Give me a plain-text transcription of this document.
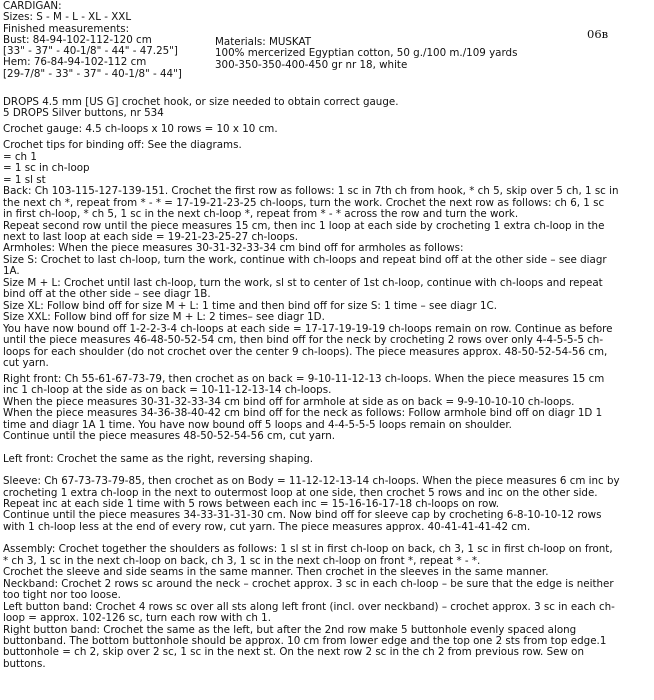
CARDIGAN:
Sizes: S - M - L - XL - XXL
Finished measurements:
Bust: 84-94-102-112-120 cm
[33" - 37" - 40-1/8" - 44" - 47.25"]
Hem: 76-84-94-102-112 cm
[29-7/8" - 33" - 37" - 40-1/8" - 44"]
Materials: MUSKAT
100% mercerized Egyptian cotton, 50 g./100 m./109 yards
300-350-350-400-450 gr nr 18, white
06в
DROPS 4.5 mm [US G] crochet hook, or size needed to obtain correct gauge.
5 DROPS Silver buttons, nr 534
Crochet gauge: 4.5 ch-loops x 10 rows = 10 x 10 cm.
Crochet tips for binding off: See the diagrams.
= ch 1
= 1 sc in ch-loop
= 1 sl st
Back: Ch 103-115-127-139-151. Crochet the first row as follows: 1 sc in 7th ch from hook, * ch 5, skip over 5 ch, 1 sc in
the next ch *, repeat from * - * = 17-19-21-23-25 ch-loops, turn the work. Crochet the next row as follows: ch 6, 1 sc
in first ch-loop, * ch 5, 1 sc in the next ch-loop *, repeat from * - * across the row and turn the work.
Repeat second row until the piece measures 15 cm, then inc 1 loop at each side by crocheting 1 extra ch-loop in the
next to last loop at each side = 19-21-23-25-27 ch-loops.
Armholes: When the piece measures 30-31-32-33-34 cm bind off for armholes as follows:
Size S: Crochet to last ch-loop, turn the work, continue with ch-loops and repeat bind off at the other side – see diagr
1A.
Size M + L: Crochet until last ch-loop, turn the work, sl st to center of 1st ch-loop, continue with ch-loops and repeat
bind off at the other side – see diagr 1B.
Size XL: Follow bind off for size M + L: 1 time and then bind off for size S: 1 time – see diagr 1C.
Size XXL: Follow bind off for size M + L: 2 times– see diagr 1D.
You have now bound off 1-2-2-3-4 ch-loops at each side = 17-17-19-19-19 ch-loops remain on row. Continue as before
until the piece measures 46-48-50-52-54 cm, then bind off for the neck by crocheting 2 rows over only 4-4-5-5-5 ch-
loops for each shoulder (do not crochet over the center 9 ch-loops). The piece measures approx. 48-50-52-54-56 cm,
cut yarn.
Right front: Ch 55-61-67-73-79, then crochet as on back = 9-10-11-12-13 ch-loops. When the piece measures 15 cm
inc 1 ch-loop at the side as on back = 10-11-12-13-14 ch-loops.
When the piece measures 30-31-32-33-34 cm bind off for armhole at side as on back = 9-9-10-10-10 ch-loops.
When the piece measures 34-36-38-40-42 cm bind off for the neck as follows: Follow armhole bind off on diagr 1D 1
time and diagr 1A 1 time. You have now bound off 5 loops and 4-4-5-5-5 loops remain on shoulder.
Continue until the piece measures 48-50-52-54-56 cm, cut yarn.
Left front: Crochet the same as the right, reversing shaping.
Sleeve: Ch 67-73-73-79-85, then crochet as on Body = 11-12-12-13-14 ch-loops. When the piece measures 6 cm inc by
crocheting 1 extra ch-loop in the next to outermost loop at one side, then crochet 5 rows and inc on the other side.
Repeat inc at each side 1 time with 5 rows between each inc = 15-16-16-17-18 ch-loops on row.
Continue until the piece measures 34-33-31-31-30 cm. Now bind off for sleeve cap by crocheting 6-8-10-10-12 rows
with 1 ch-loop less at the end of every row, cut yarn. The piece measures approx. 40-41-41-41-42 cm.
Assembly: Crochet together the shoulders as follows: 1 sl st in first ch-loop on back, ch 3, 1 sc in first ch-loop on front,
* ch 3, 1 sc in the next ch-loop on back, ch 3, 1 sc in the next ch-loop on front *, repeat * - *.
Crochet the sleeve and side seams in the same manner. Then crochet in the sleeves in the same manner.
Neckband: Crochet 2 rows sc around the neck – crochet approx. 3 sc in each ch-loop – be sure that the edge is neither
too tight nor too loose.
Left button band: Crochet 4 rows sc over all sts along left front (incl. over neckband) – crochet approx. 3 sc in each ch-
loop = approx. 102-126 sc, turn each row with ch 1.
Right button band: Crochet the same as the left, but after the 2nd row make 5 buttonhole evenly spaced along
buttonband. The bottom buttonhole should be approx. 10 cm from lower edge and the top one 2 sts from top edge.1
buttonhole = ch 2, skip over 2 sc, 1 sc in the next st. On the next row 2 sc in the ch 2 from previous row. Sew on
buttons.
